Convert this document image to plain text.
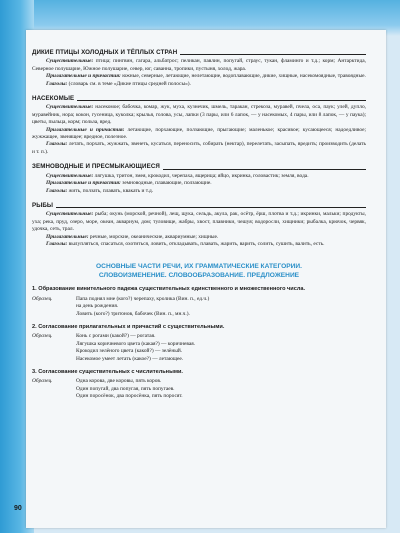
ДИКИЕ ПТИЦЫ ХОЛОДНЫХ И ТЁПЛЫХ СТРАН

Существительные: птица; пингвин, гагара, альбатрос; пеликан, павлин, попугай, страус, тукан, фламинго и т.д.; корм; Антарктида, Северное полушарие, Южное полушарие, север, юг, саванна, тропики, пустыня, холод, жара.

Прилагательные и причастия: южные, северные, летающие, нелетающие, водоплавающие, дикие, хищные, насекомоядные, травоядные.

Глаголы: (словарь см. в теме «Дикие птицы средней полосы»).

НАСЕКОМЫЕ

Существительные: насекомое; бабочка, комар, жук, муха, кузнечик, шмель, таракан, стрекоза, муравей, пчела, оса, паук; улей, дупло, муравейник, нора; кокон, гусеница, куколка; крылья, голова, усы, лапки (3 пары, или 6 лапок, — у насекомых, 4 пары, или 8 лапок, — у паука); цветы, пыльца, корм; польза, вред.

Прилагательные и причастия: летающие, порхающие, ползающие, прыгающие; маленькое; красивое; кусающееся; надоедливое; жужжащее, звенящее; вредное, полезное.

Глаголы: летать, порхать, жужжать, звенеть, кусаться, переносить, собирать (нектар), перелетать, засыпать, вредить; производить (делать и т. п.).

ЗЕМНОВОДНЫЕ И ПРЕСМЫКАЮЩИЕСЯ

Существительные: лягушка, тритон, змея, крокодил, черепаха, ящерица; яйцо, икринка, головастик; земля, вода.

Прилагательные и причастия: земноводные, плавающие, ползающие.

Глаголы: жить, ползать, плавать, квакать и т.д.

РЫБЫ

Существительные: рыба; окунь (морской, речной), лещ, щука, сельдь, акула, рак, осётр, ёрш, плотва и т.д.; икринки, мальки; продукты, уха; река, пруд, озеро, море, океан, аквариум, дом; туловище, жабры, хвост, плавники, чешуя; водоросли, хищники; рыбалка, крючок, червяк, удочка, сеть, трал.

Прилагательные: речные, морские, океанические, аквариумные; хищные.

Глаголы: вылупляться, спасаться, охотиться, ловить, откладывать, плавать, жарить, варить, солить, сушить, валить, есть.

ОСНОВНЫЕ ЧАСТИ РЕЧИ, ИХ ГРАММАТИЧЕСКИЕ КАТЕГОРИИ.
СЛОВОИЗМЕНЕНИЕ. СЛОВООБРАЗОВАНИЕ. ПРЕДЛОЖЕНИЕ
1. Образование винительного падежа существительных единственного и множественного числа.
Образец.	Папа поднял мне (кого?) черепаху, кролика (Вин. п., ед.ч.)
на день рождения.
Ловить (кого?) тритонов, бабочек (Вин. п., мн.ч.).
2. Согласование прилагательных и причастий с существительными.
Образец.	Конь с рогами (какой?) — рогатая.
Лягушка коричневого цвета (какая?) — коричневая.
Крокодил зелёного цвета (какой?) — зелёный.
Насекомое умеет летать (какое?) — летающее.
3. Согласование существительных с числительными.
Образец.	Одна корова, две коровы, пять коров.
Один попугай, два попугая, пять попугаев.
Один поросёнок, два поросёнка, пять поросят.
90
